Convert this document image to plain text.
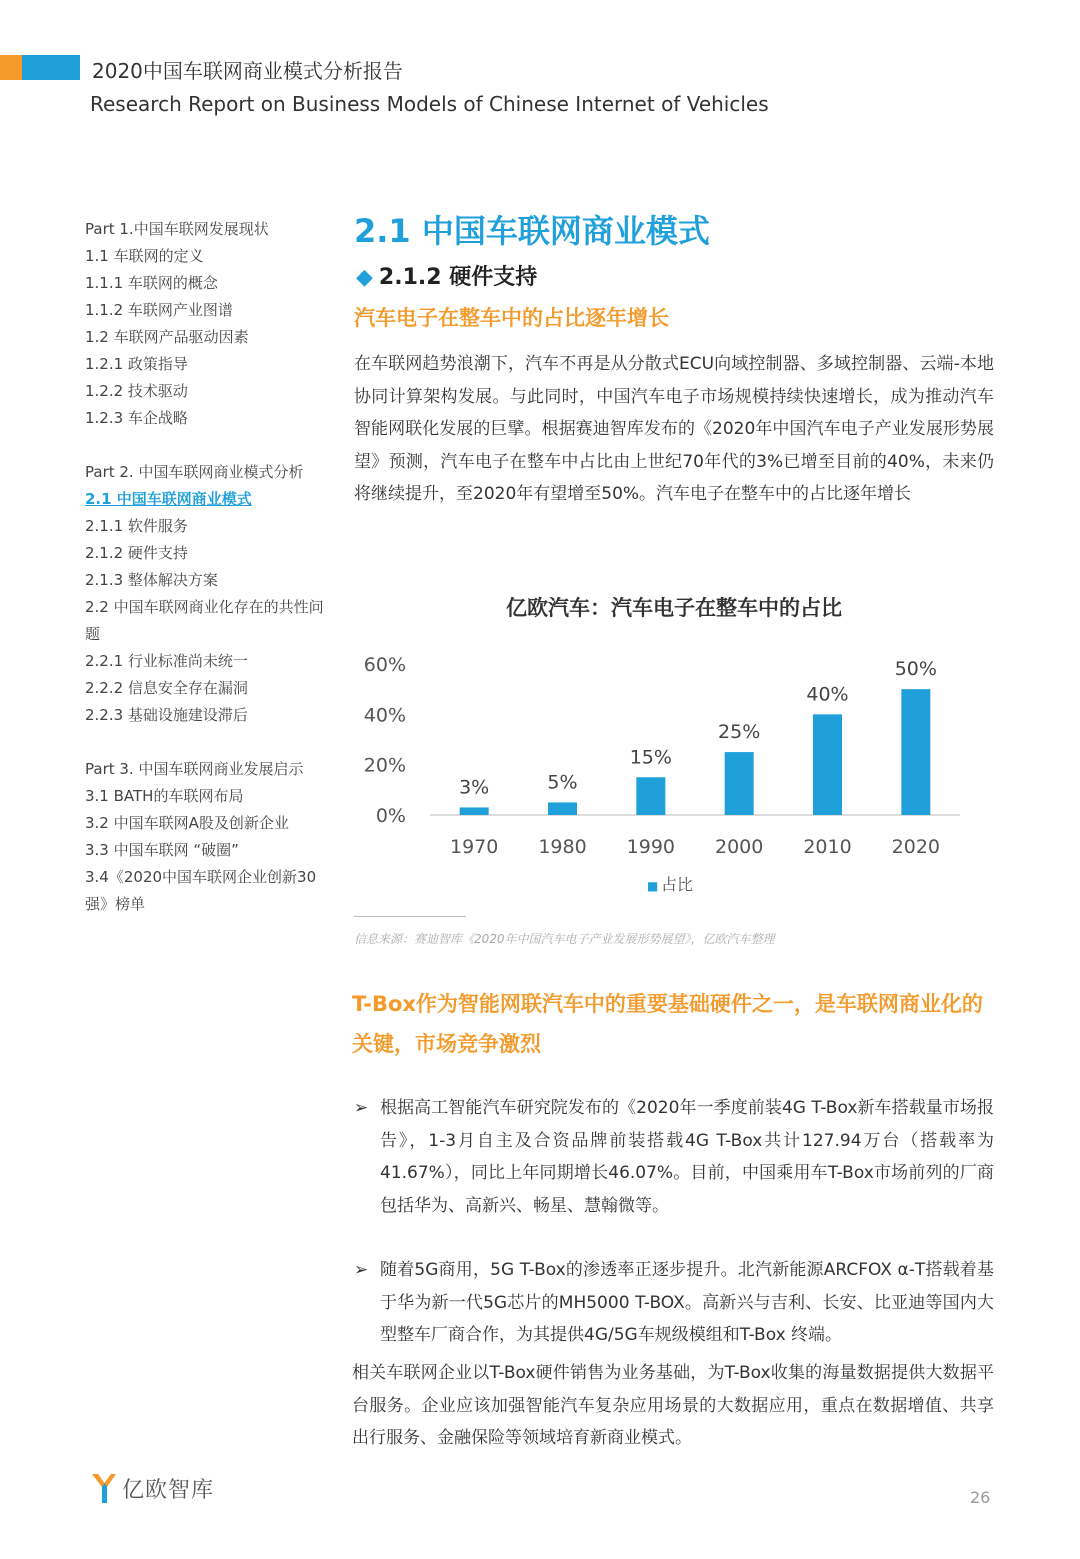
2020中国车联网商业模式分析报告
Research Report on Business Models of Chinese Internet of Vehicles
Part 1.中国车联网发展现状
1.1 车联网的定义
1.1.1 车联网的概念
1.1.2 车联网产业图谱
1.2 车联网产品驱动因素
1.2.1 政策指导
1.2.2 技术驱动
1.2.3 车企战略
Part 2. 中国车联网商业模式分析
2.1 中国车联网商业模式
2.1.1 软件服务
2.1.2 硬件支持
2.1.3 整体解决方案
2.2 中国车联网商业化存在的共性问题
2.2.1 行业标准尚未统一
2.2.2 信息安全存在漏洞
2.2.3 基础设施建设滞后
Part 3. 中国车联网商业发展启示
3.1 BATH的车联网布局
3.2 中国车联网A股及创新企业
3.3 中国车联网 “破圈”
3.4《2020中国车联网企业创新30强》榜单
2.1 中国车联网商业模式
◆ 2.1.2 硬件支持
汽车电子在整车中的占比逐年增长
在车联网趋势浪潮下，汽车不再是从分散式ECU向域控制器、多域控制器、云端-本地协同计算架构发展。与此同时，中国汽车电子市场规模持续快速增长，成为推动汽车智能网联化发展的巨擘。根据赛迪智库发布的《2020年中国汽车电子产业发展形势展望》预测，汽车电子在整车中占比由上世纪70年代的3%已增至目前的40%，未来仍将继续提升，至2020年有望增至50%。汽车电子在整车中的占比逐年增长
亿欧汽车：汽车电子在整车中的占比
0%
20%
40%
60%
3%
1970
5%
1980
15%
1990
25%
2000
40%
2010
50%
2020
■ 占比
信息来源：赛迪智库《2020年中国汽车电子产业发展形势展望》，亿欧汽车整理
T-Box作为智能网联汽车中的重要基础硬件之一，是车联网商业化的关键，市场竞争激烈
➢ 根据高工智能汽车研究院发布的《2020年一季度前装4G T-Box新车搭载量市场报告》，1-3月自主及合资品牌前装搭载4G T-Box共计127.94万台（搭载率为41.67%），同比上年同期增长46.07%。目前，中国乘用车T-Box市场前列的厂商包括华为、高新兴、畅星、慧翰微等。
➢ 随着5G商用，5G T-Box的渗透率正逐步提升。北汽新能源ARCFOX α-T搭载着基于华为新一代5G芯片的MH5000 T-BOX。高新兴与吉利、长安、比亚迪等国内大型整车厂商合作，为其提供4G/5G车规级模组和T-Box 终端。
相关车联网企业以T-Box硬件销售为业务基础，为T-Box收集的海量数据提供大数据平台服务。企业应该加强智能汽车复杂应用场景的大数据应用，重点在数据增值、共享出行服务、金融保险等领域培育新商业模式。
亿欧智库	26
